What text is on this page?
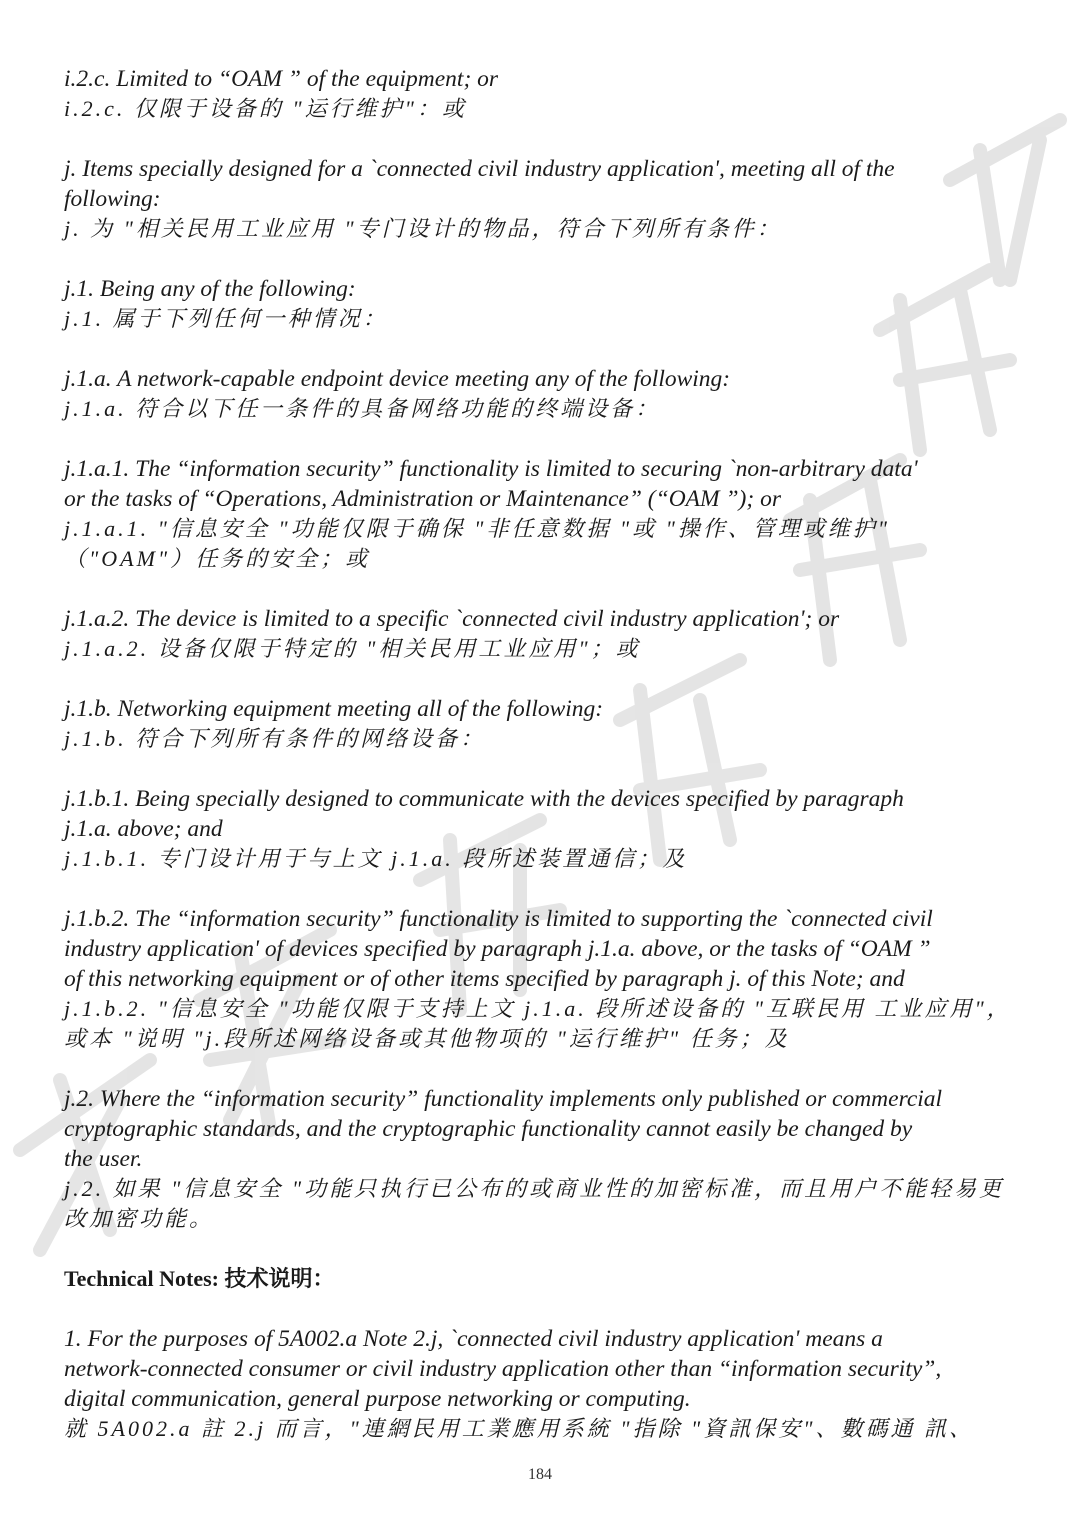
i.2.c. Limited to “OAM ” of the equipment; or

i.2.c. 仅限于设备的 "运行维护"：或

j. Items specially designed for a `connected civil industry application', meeting all of the

following:

j. 为 "相关民用工业应用 "专门设计的物品，符合下列所有条件：

j.1. Being any of the following:

j.1. 属于下列任何一种情况：

j.1.a. A network-capable endpoint device meeting any of the following:

j.1.a. 符合以下任一条件的具备网络功能的终端设备：

j.1.a.1. The “information security” functionality is limited to securing `non-arbitrary data'

or the tasks of “Operations, Administration or Maintenance” (“OAM ”); or

j.1.a.1. "信息安全 "功能仅限于确保 "非任意数据 "或 "操作、管理或维护"

（"OAM"）任务的安全；或

j.1.a.2. The device is limited to a specific `connected civil industry application'; or

j.1.a.2. 设备仅限于特定的 "相关民用工业应用"；或

j.1.b. Networking equipment meeting all of the following:

j.1.b. 符合下列所有条件的网络设备：

j.1.b.1. Being specially designed to communicate with the devices specified by paragraph

j.1.a. above; and

j.1.b.1. 专门设计用于与上文 j.1.a. 段所述装置通信；及

j.1.b.2. The “information security” functionality is limited to supporting the `connected civil

industry application' of devices specified by paragraph j.1.a. above, or the tasks of “OAM ”

of this networking equipment or of other items specified by paragraph j. of this Note; and

j.1.b.2. "信息安全 "功能仅限于支持上文 j.1.a. 段所述设备的 "互联民用 工业应用"，

或本 "说明 "j.段所述网络设备或其他物项的 "运行维护" 任务；及

j.2. Where the “information security” functionality implements only published or commercial

cryptographic standards, and the cryptographic functionality cannot easily be changed by

the user.

j.2. 如果 "信息安全 "功能只执行已公布的或商业性的加密标准，而且用户不能轻易更

改加密功能。

Technical Notes: 技术说明：

1. For the purposes of 5A002.a Note 2.j, `connected civil industry application' means a

network-connected consumer or civil industry application other than “information security”,

digital communication, general purpose networking or computing.

就 5A002.a 註 2.j 而言，"連網民用工業應用系統 "指除 "資訊保安"、數碼通 訊、

184
